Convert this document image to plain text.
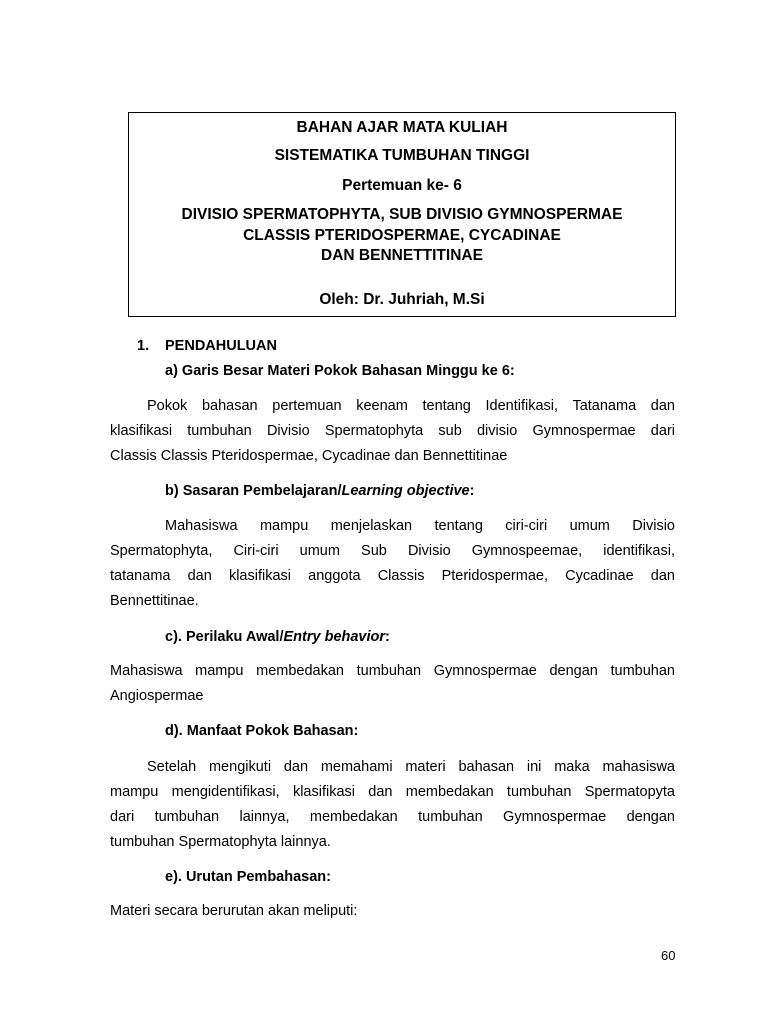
BAHAN AJAR MATA KULIAH
SISTEMATIKA TUMBUHAN TINGGI
Pertemuan ke- 6
DIVISIO SPERMATOPHYTA, SUB DIVISIO GYMNOSPERMAE
CLASSIS PTERIDOSPERMAE, CYCADINAE
DAN BENNETTITINAE
Oleh: Dr. Juhriah, M.Si
1. PENDAHULUAN
a) Garis Besar Materi Pokok Bahasan Minggu ke 6:
Pokok bahasan pertemuan keenam tentang Identifikasi, Tatanama dan
klasifikasi tumbuhan Divisio Spermatophyta sub divisio Gymnospermae dari
Classis Classis Pteridospermae, Cycadinae dan Bennettitinae
b) Sasaran Pembelajaran/Learning objective:
Mahasiswa mampu menjelaskan tentang ciri-ciri umum Divisio
Spermatophyta, Ciri-ciri umum Sub Divisio Gymnospeemae, identifikasi,
tatanama dan klasifikasi anggota Classis Pteridospermae, Cycadinae dan
Bennettitinae.
c). Perilaku Awal/Entry behavior:
Mahasiswa mampu membedakan tumbuhan Gymnospermae dengan tumbuhan
Angiospermae
d). Manfaat Pokok Bahasan:
Setelah mengikuti dan memahami materi bahasan ini maka mahasiswa
mampu mengidentifikasi, klasifikasi dan membedakan tumbuhan Spermatopyta
dari tumbuhan lainnya, membedakan tumbuhan Gymnospermae dengan
tumbuhan Spermatophyta lainnya.
e). Urutan Pembahasan:
Materi secara berurutan akan meliputi:
60
